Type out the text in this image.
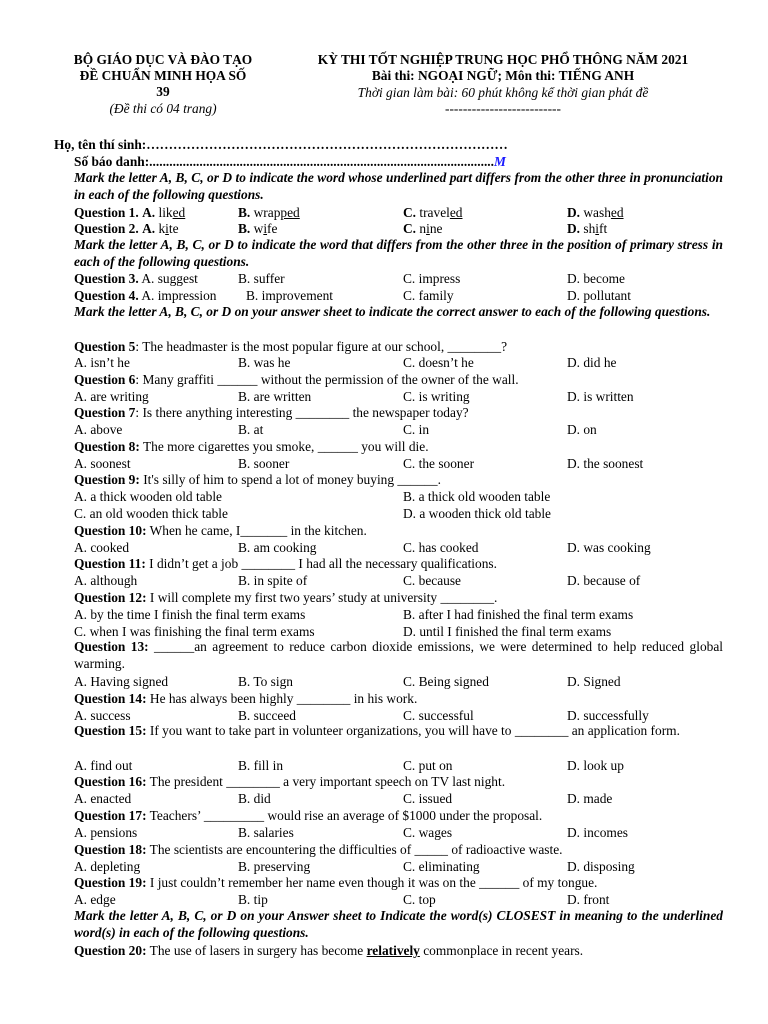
BỘ GIÁO DỤC VÀ ĐÀO TẠO
ĐỀ CHUẨN MINH HỌA SỐ
39
(Đề thi có 04 trang)
KỲ THI TỐT NGHIỆP TRUNG HỌC PHỔ THÔNG NĂM 2021
Bài thi: NGOẠI NGỮ; Môn thi: TIẾNG ANH
Thời gian làm bài: 60 phút không kể thời gian phát đề
--------------------------
Họ, tên thí sinh:………………………………………………………………………
Số báo danh:.......................................................................................................M
Mark the letter A, B, C, or D to indicate the word whose underlined part differs from the other three in pronunciation in each of the following questions.
Question 1. A. liked	B. wrapped	C. traveled	D. washed
Question 2. A. kite	B. wife	C. nine	D. shift
Mark the letter A, B, C, or D to indicate the word that differs from the other three in the position of primary stress in each of the following questions.
Question 3. A. suggest	B. suffer	C. impress	D. become
Question 4. A. impression B. improvement	C. family	D. pollutant
Mark the letter A, B, C, or D on your answer sheet to indicate the correct answer to each of the following questions.
Question 5: The headmaster is the most popular figure at our school, ________?
A. isn’t he	B. was he	C. doesn’t he	D. did he
Question 6: Many graffiti ______ without the permission of the owner of the wall.
A. are writing	B. are written	C. is writing	D. is written
Question 7: Is there anything interesting ________ the newspaper today?
A. above	B. at	C. in	D. on
Question 8: The more cigarettes you smoke, ______ you will die.
A. soonest	B. sooner	C. the sooner	D. the soonest
Question 9: It's silly of him to spend a lot of money buying ______.
A. a thick wooden old table	B. a thick old wooden table
C. an old wooden thick table	D. a wooden thick old table
Question 10: When he came, I_______ in the kitchen.
A. cooked	B. am cooking	C. has cooked	D. was cooking
Question 11: I didn’t get a job ________ I had all the necessary qualifications.
A. although	B. in spite of	C. because	D. because of
Question 12: I will complete my first two years’ study at university ________.
A. by the time I finish the final term exams	B. after I had finished the final term exams
C. when I was finishing the final term exams	D. until I finished the final term exams
Question 13: ______an agreement to reduce carbon dioxide emissions, we were determined to help reduced global warming.
A. Having signed	B. To sign	C. Being signed	D. Signed
Question 14: He has always been highly ________ in his work.
A. success	B. succeed	C. successful	D. successfully
Question 15: If you want to take part in volunteer organizations, you will have to ________ an application form.
A. find out	B. fill in	C. put on	D. look up
Question 16: The president ________ a very important speech on TV last night.
A. enacted	B. did	C. issued	D. made
Question 17: Teachers’ _________ would rise an average of $1000 under the proposal.
A. pensions	B. salaries	C. wages	D. incomes
Question 18: The scientists are encountering the difficulties of _____ of radioactive waste.
A. depleting	B. preserving	C. eliminating	D. disposing
Question 19: I just couldn’t remember her name even though it was on the ______ of my tongue.
A. edge	B. tip	C. top	D. front
Mark the letter A, B, C, or D on your Answer sheet to Indicate the word(s) CLOSEST in meaning to the underlined word(s) in each of the following questions.
Question 20: The use of lasers in surgery has become relatively commonplace in recent years.
